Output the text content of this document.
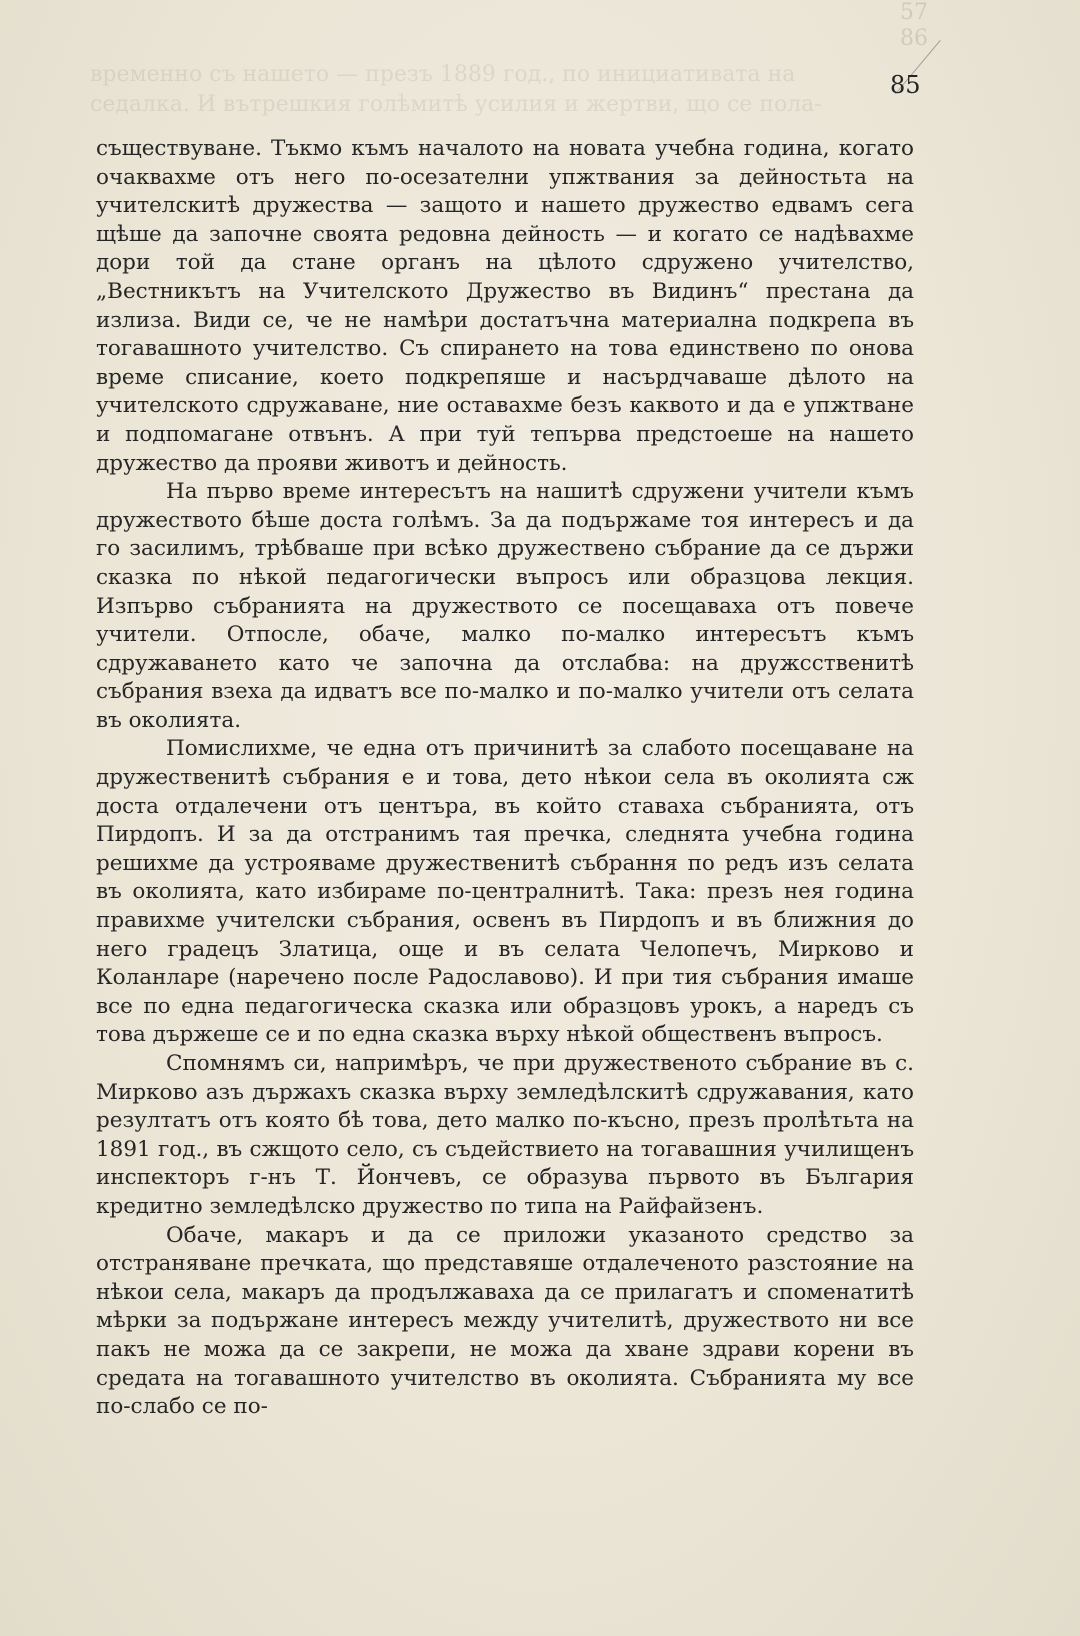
временно съ нашето — презъ 1889 год., по инициативата на
седалка. И вътрешкия голѣмитѣ усилия и жертви, що се пола-
57
86
85

съществуване. Тъкмо къмъ началото на новата учебна година, когато очаквахме отъ него по-осезателни упжтвания за дейностьта на учителскитѣ дружества — защото и нашето дружество едвамъ сега щѣше да започне своята редовна дейность — и когато се надѣвахме дори той да стане органъ на цѣлото сдружено учителство, „Вестникътъ на Учителското Дружество въ Видинъ“ престана да излиза. Види се, че не намѣри достатъчна материална подкрепа въ тогавашното учителство. Съ спирането на това единствено по онова време списание, което подкрепяше и насърдчаваше дѣлото на учителското сдружаване, ние оставахме безъ каквото и да е упжтване и подпомагане отвънъ. А при туй тепърва предстоеше на нашето дружество да прояви животъ и дейность.

На първо време интересътъ на нашитѣ сдружени учители къмъ дружеството бѣше доста голѣмъ. За да подържаме тоя интересъ и да го засилимъ, трѣбваше при всѣко дружествено събрание да се държи сказка по нѣкой педагогически въпросъ или образцова лекция. Изпърво събранията на дружеството се посещаваха отъ повече учители. Отпосле, обаче, малко по-малко интересътъ къмъ сдружаването като че започна да отслабва: на дружсственитѣ събрания взеха да идватъ все по-малко и по-малко учители отъ селата въ околията.

Помислихме, че една отъ причинитѣ за слабото посещаване на дружественитѣ събрания е и това, дето нѣкои села въ околията сж доста отдалечени отъ центъра, въ който ставаха събранията, отъ Пирдопъ. И за да отстранимъ тая пречка, следнята учебна година решихме да устрояваме дружественитѣ събрання по редъ изъ селата въ околията, като избираме по-централнитѣ. Така: презъ нея година правихме учителски събрания, освенъ въ Пирдопъ и въ ближния до него градецъ Златица, още и въ селата Челопечъ, Мирково и Коланларе (наречено после Радославово). И при тия събрания имаше все по една педагогическа сказка или образцовъ урокъ, а наредъ съ това държеше се и по една сказка върху нѣкой общественъ въпросъ.

Спомнямъ си, напримѣръ, че при дружественото събрание въ с. Мирково азъ държахъ сказка върху земледѣлскитѣ сдружавания, като резултатъ отъ която бѣ това, дето малко по-късно, презъ пролѣтьта на 1891 год., въ сжщото село, съ съдействието на тогавашния училищенъ инспекторъ г-нъ Т. Йончевъ, се образува първото въ България кредитно земледѣлско дружество по типа на Райфайзенъ.

Обаче, макаръ и да се приложи указаното средство за отстраняване пречката, що представяше отдалеченото разстояние на нѣкои села, макаръ да продължаваха да се прилагатъ и споменатитѣ мѣрки за подържане интересъ между учителитѣ, дружеството ни все пакъ не можа да се закрепи, не можа да хване здрави корени въ средата на тогавашното учителство въ околията. Събранията му все по-слабо се по-
